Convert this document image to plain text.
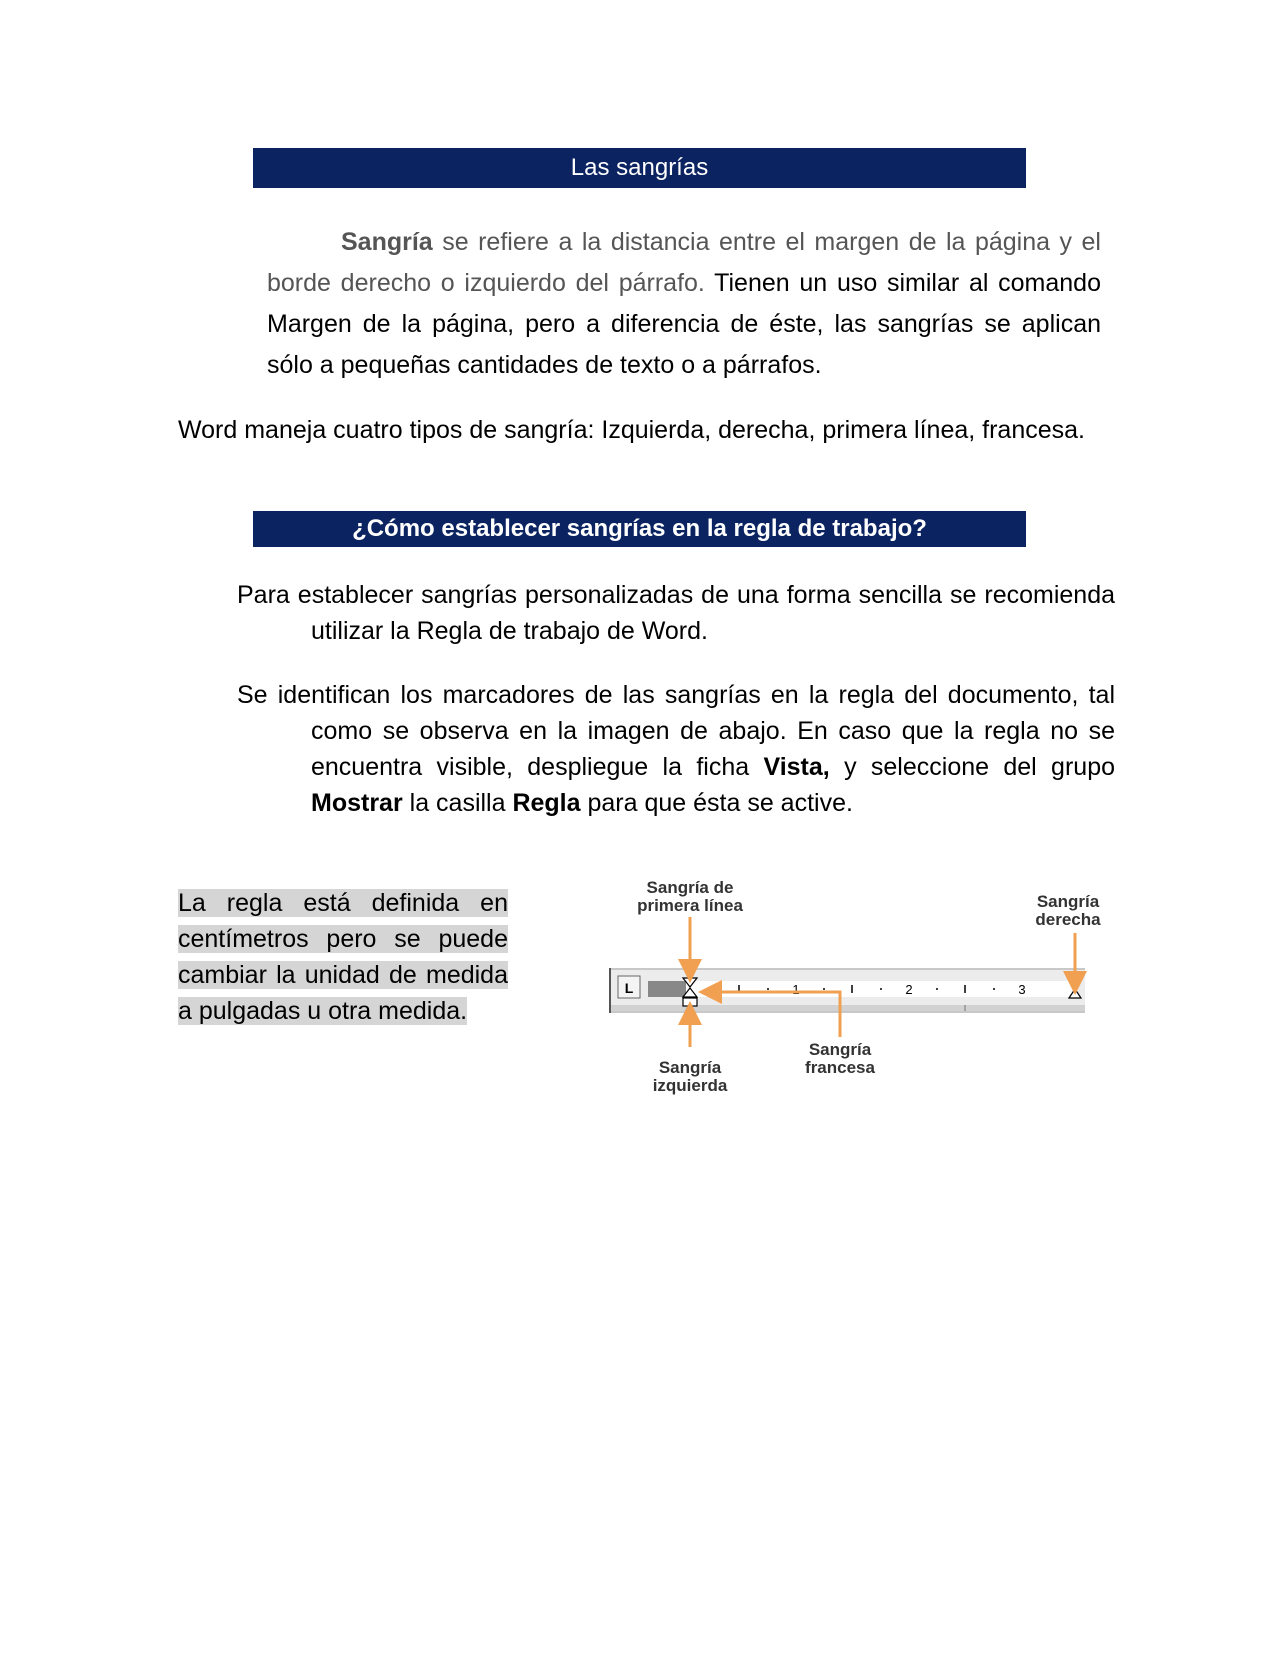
Las sangrías

Sangría se refiere a la distancia entre el margen de la página y el borde derecho o izquierdo del párrafo. Tienen un uso similar al comando Margen de la página, pero a diferencia de éste, las sangrías se aplican sólo a pequeñas cantidades de texto o a párrafos.

Word maneja cuatro tipos de sangría: Izquierda, derecha, primera línea, francesa.

¿Cómo establecer sangrías en la regla de trabajo?

Para establecer sangrías personalizadas de una forma sencilla se recomienda utilizar la Regla de trabajo de Word.

Se identifican los marcadores de las sangrías en la regla del documento, tal como se observa en la imagen de abajo. En caso que la regla no se encuentra visible, despliegue la ficha Vista, y seleccione del grupo Mostrar la casilla Regla para que ésta se active.

La regla está definida en centímetros pero se puede cambiar la unidad de medida a pulgadas u otra medida.
Sangría de
primera línea	Sangría
derecha
Sangría
francesa
Sangría
izquierda
L	1	2	3
